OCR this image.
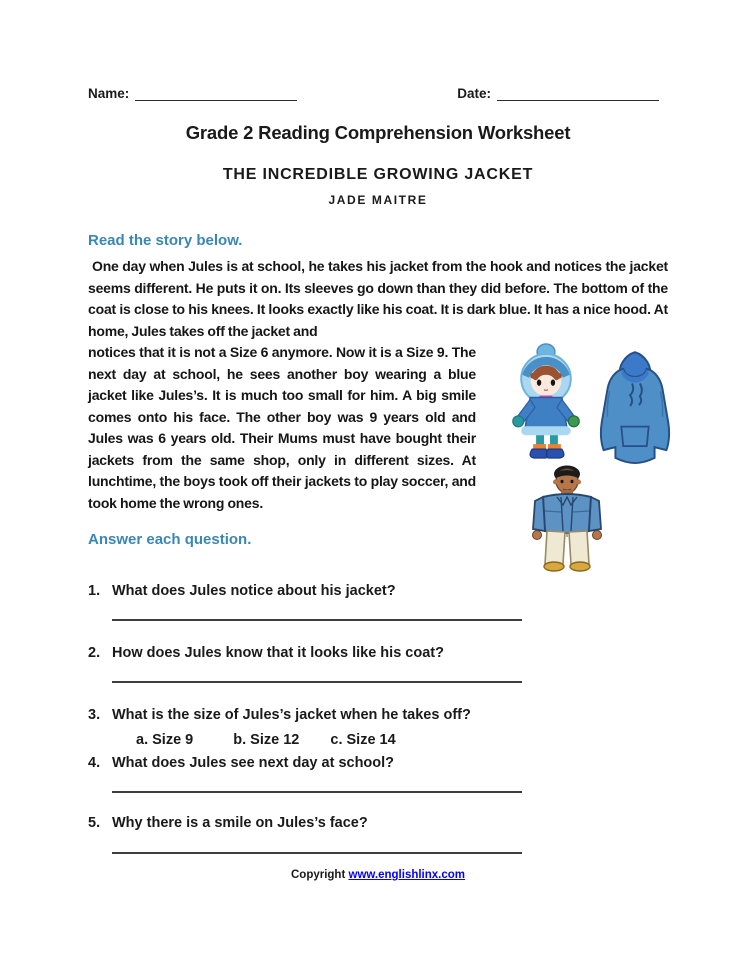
Name:	Date:
Grade 2 Reading Comprehension Worksheet
THE INCREDIBLE GROWING JACKET
JADE MAITRE
Read the story below.

One day when Jules is at school, he takes his jacket from the hook and notices the jacket seems different. He puts it on. Its sleeves go down than they did before. The bottom of the coat is close to his knees. It looks exactly like his coat. It is dark blue. It has a nice hood. At home, Jules takes off the jacket and

notices that it is not a Size 6 anymore. Now it is a Size 9. The next day at school, he sees another boy wearing a blue jacket like Jules’s. It is much too small for him. A big smile comes onto his face. The other boy was 9 years old and Jules was 6 years old. Their Mums must have bought their jackets from the same shop, only in different sizes. At lunchtime, the boys took off their jackets to play soccer, and took home the wrong ones.

Answer each question.
1. What does Jules notice about his jacket?
2. How does Jules know that it looks like his coat?
3. What is the size of Jules’s jacket when he takes off?
a. Size 9	b. Size 12 c. Size 14
4. What does Jules see next day at school?
5. Why there is a smile on Jules’s face?
Copyright www.englishlinx.com
